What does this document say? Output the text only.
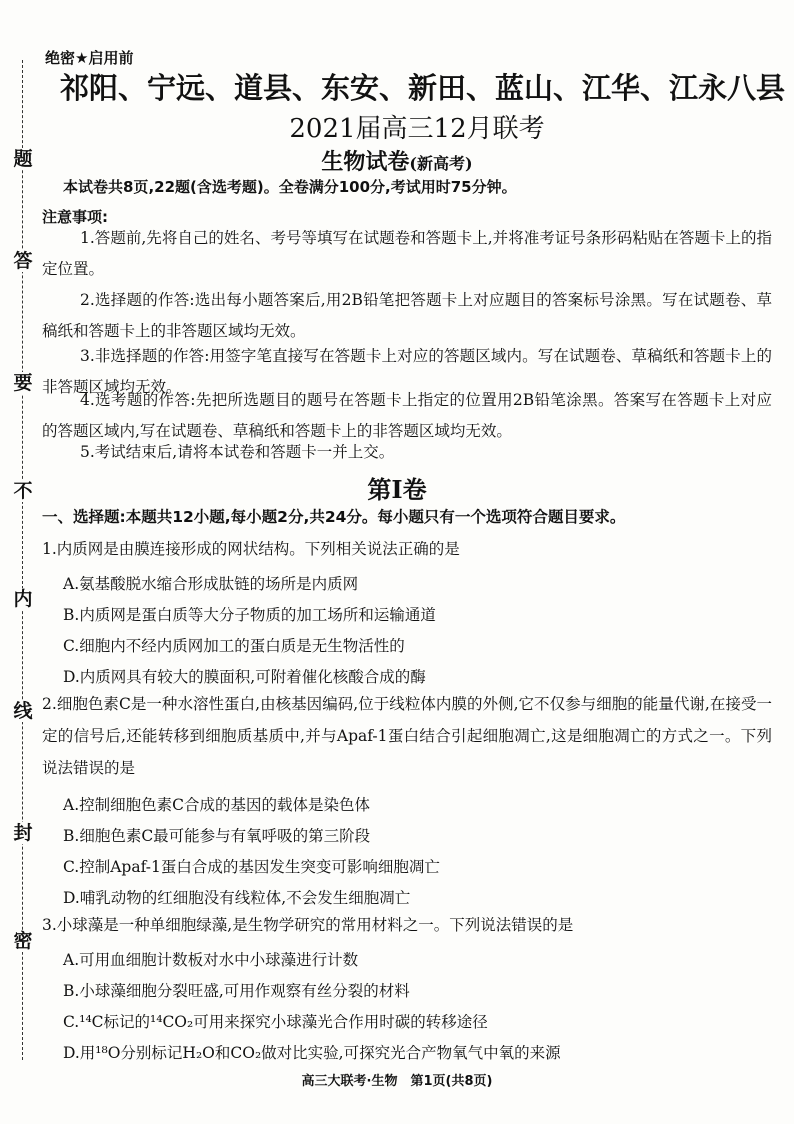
题
答
要
不
内
线
封
密
绝密★启用前
祁阳、宁远、道县、东安、新田、蓝山、江华、江永八县
2021届高三12月联考
生物试卷(新高考)
本试卷共8页,22题(含选考题)。全卷满分100分,考试用时75分钟。
注意事项:
1.答题前,先将自己的姓名、考号等填写在试题卷和答题卡上,并将准考证号条形码粘贴在答题卡上的指定位置。
2.选择题的作答:选出每小题答案后,用2B铅笔把答题卡上对应题目的答案标号涂黑。写在试题卷、草稿纸和答题卡上的非答题区域均无效。
3.非选择题的作答:用签字笔直接写在答题卡上对应的答题区域内。写在试题卷、草稿纸和答题卡上的非答题区域均无效。
4.选考题的作答:先把所选题目的题号在答题卡上指定的位置用2B铅笔涂黑。答案写在答题卡上对应的答题区域内,写在试题卷、草稿纸和答题卡上的非答题区域均无效。
5.考试结束后,请将本试卷和答题卡一并上交。
第Ⅰ卷
一、选择题:本题共12小题,每小题2分,共24分。每小题只有一个选项符合题目要求。
1.内质网是由膜连接形成的网状结构。下列相关说法正确的是
A.氨基酸脱水缩合形成肽链的场所是内质网
B.内质网是蛋白质等大分子物质的加工场所和运输通道
C.细胞内不经内质网加工的蛋白质是无生物活性的
D.内质网具有较大的膜面积,可附着催化核酸合成的酶
2.细胞色素C是一种水溶性蛋白,由核基因编码,位于线粒体内膜的外侧,它不仅参与细胞的能量代谢,在接受一定的信号后,还能转移到细胞质基质中,并与Apaf-1蛋白结合引起细胞凋亡,这是细胞凋亡的方式之一。下列说法错误的是
A.控制细胞色素C合成的基因的载体是染色体
B.细胞色素C最可能参与有氧呼吸的第三阶段
C.控制Apaf-1蛋白合成的基因发生突变可影响细胞凋亡
D.哺乳动物的红细胞没有线粒体,不会发生细胞凋亡
3.小球藻是一种单细胞绿藻,是生物学研究的常用材料之一。下列说法错误的是
A.可用血细胞计数板对水中小球藻进行计数
B.小球藻细胞分裂旺盛,可用作观察有丝分裂的材料
C.¹⁴C标记的¹⁴CO₂可用来探究小球藻光合作用时碳的转移途径
D.用¹⁸O分别标记H₂O和CO₂做对比实验,可探究光合产物氧气中氧的来源
高三大联考·生物　第1页(共8页)
